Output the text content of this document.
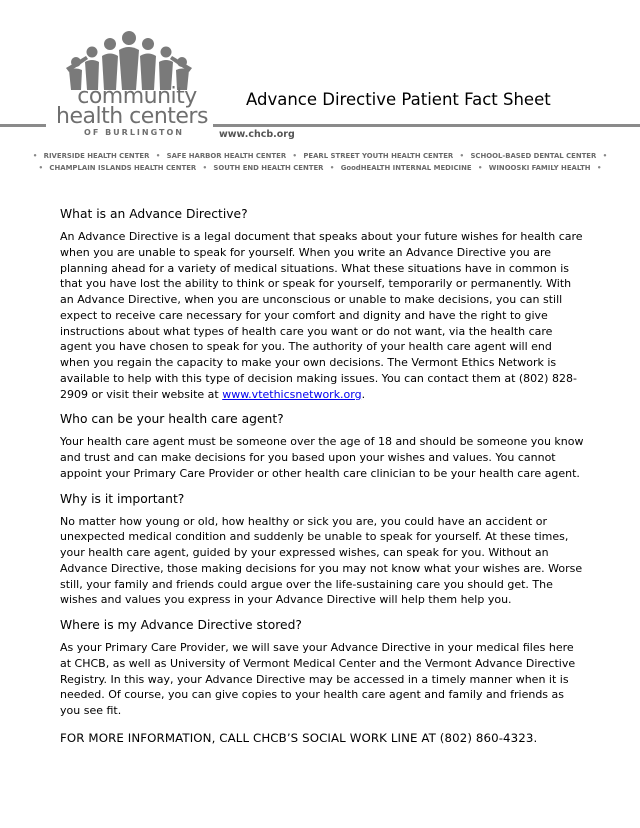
community
health centers
OF BURLINGTON
Advance Directive Patient Fact Sheet
www.chcb.org
• RIVERSIDE HEALTH CENTER • SAFE HARBOR HEALTH CENTER • PEARL STREET YOUTH HEALTH CENTER • SCHOOL-BASED DENTAL CENTER •
• CHAMPLAIN ISLANDS HEALTH CENTER • SOUTH END HEALTH CENTER • GoodHEALTH INTERNAL MEDICINE • WINOOSKI FAMILY HEALTH •
What is an Advance Directive?

An Advance Directive is a legal document that speaks about your future wishes for health care when you are unable to speak for yourself. When you write an Advance Directive you are planning ahead for a variety of medical situations. What these situations have in common is that you have lost the ability to think or speak for yourself, temporarily or permanently. With an Advance Directive, when you are unconscious or unable to make decisions, you can still expect to receive care necessary for your comfort and dignity and have the right to give instructions about what types of health care you want or do not want, via the health care agent you have chosen to speak for you. The authority of your health care agent will end when you regain the capacity to make your own decisions. The Vermont Ethics Network is available to help with this type of decision making issues. You can contact them at (802) 828-2909 or visit their website at www.vtethicsnetwork.org.

Who can be your health care agent?

Your health care agent must be someone over the age of 18 and should be someone you know and trust and can make decisions for you based upon your wishes and values. You cannot appoint your Primary Care Provider or other health care clinician to be your health care agent.

Why is it important?

No matter how young or old, how healthy or sick you are, you could have an accident or unexpected medical condition and suddenly be unable to speak for yourself. At these times, your health care agent, guided by your expressed wishes, can speak for you. Without an Advance Directive, those making decisions for you may not know what your wishes are. Worse still, your family and friends could argue over the life-sustaining care you should get. The wishes and values you express in your Advance Directive will help them help you.

Where is my Advance Directive stored?

As your Primary Care Provider, we will save your Advance Directive in your medical files here at CHCB, as well as University of Vermont Medical Center and the Vermont Advance Directive Registry. In this way, your Advance Directive may be accessed in a timely manner when it is needed. Of course, you can give copies to your health care agent and family and friends as you see fit.

FOR MORE INFORMATION, CALL CHCB’S SOCIAL WORK LINE AT (802) 860-4323.
